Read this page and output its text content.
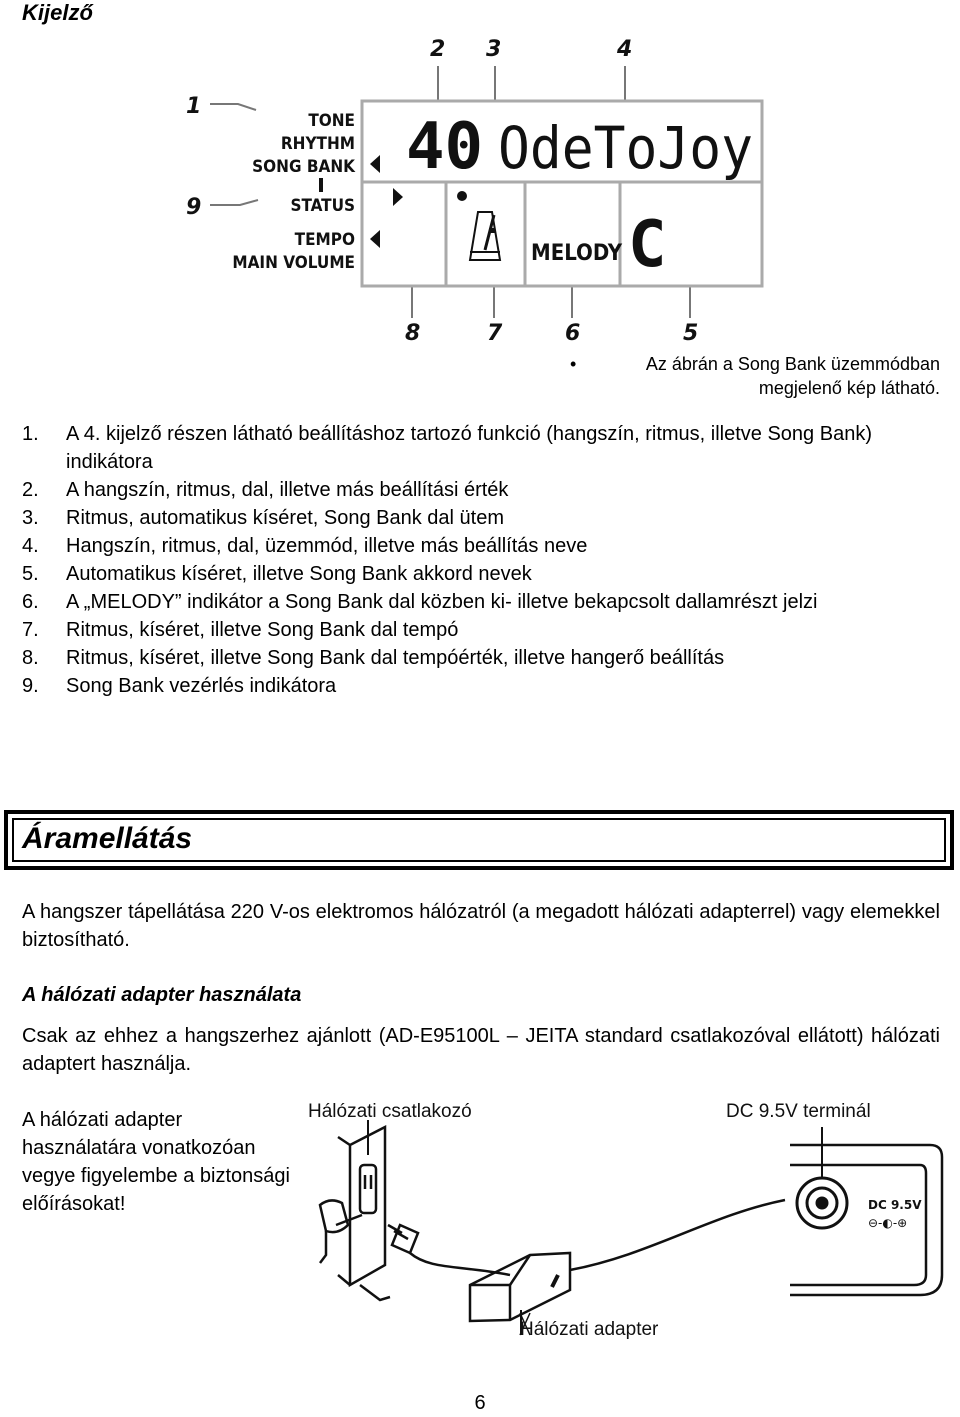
Kijelző
1
2 3	4
9
8	7	6	5
TONE
RHYTHM
SONG BANK
STATUS
TEMPO
MAIN VOLUME
40 OdeToJoy
MELODY C
•	Az ábrán a Song Bank üzemmódban megjelenő kép látható.
1. A 4. kijelző részen látható beállításhoz tartozó funkció (hangszín, ritmus, illetve Song Bank) indikátora
2. A hangszín, ritmus, dal, illetve más beállítási érték
3. Ritmus, automatikus kíséret, Song Bank dal ütem
4. Hangszín, ritmus, dal, üzemmód, illetve más beállítás neve
5. Automatikus kíséret, illetve Song Bank akkord nevek
6. A „MELODY” indikátor a Song Bank dal közben ki- illetve bekapcsolt dallamrészt jelzi
7. Ritmus, kíséret, illetve Song Bank dal tempó
8. Ritmus, kíséret, illetve Song Bank dal tempóérték, illetve hangerő beállítás
9. Song Bank vezérlés indikátora
Áramellátás
A hangszer tápellátása 220 V-os elektromos hálózatról (a megadott hálózati adapterrel) vagy elemekkel biztosítható.
A hálózati adapter használata
Csak az ehhez a hangszerhez ajánlott (AD-E95100L – JEITA standard csatlakozóval ellátott) hálózati adaptert használja.
A hálózati adapter használatára vonatkozóan vegye figyelembe a biztonsági előírásokat!
Hálózati csatlakozó	DC 9.5V terminál
DC 9.5V
⊖-◐-⊕
Hálózati adapter
6
